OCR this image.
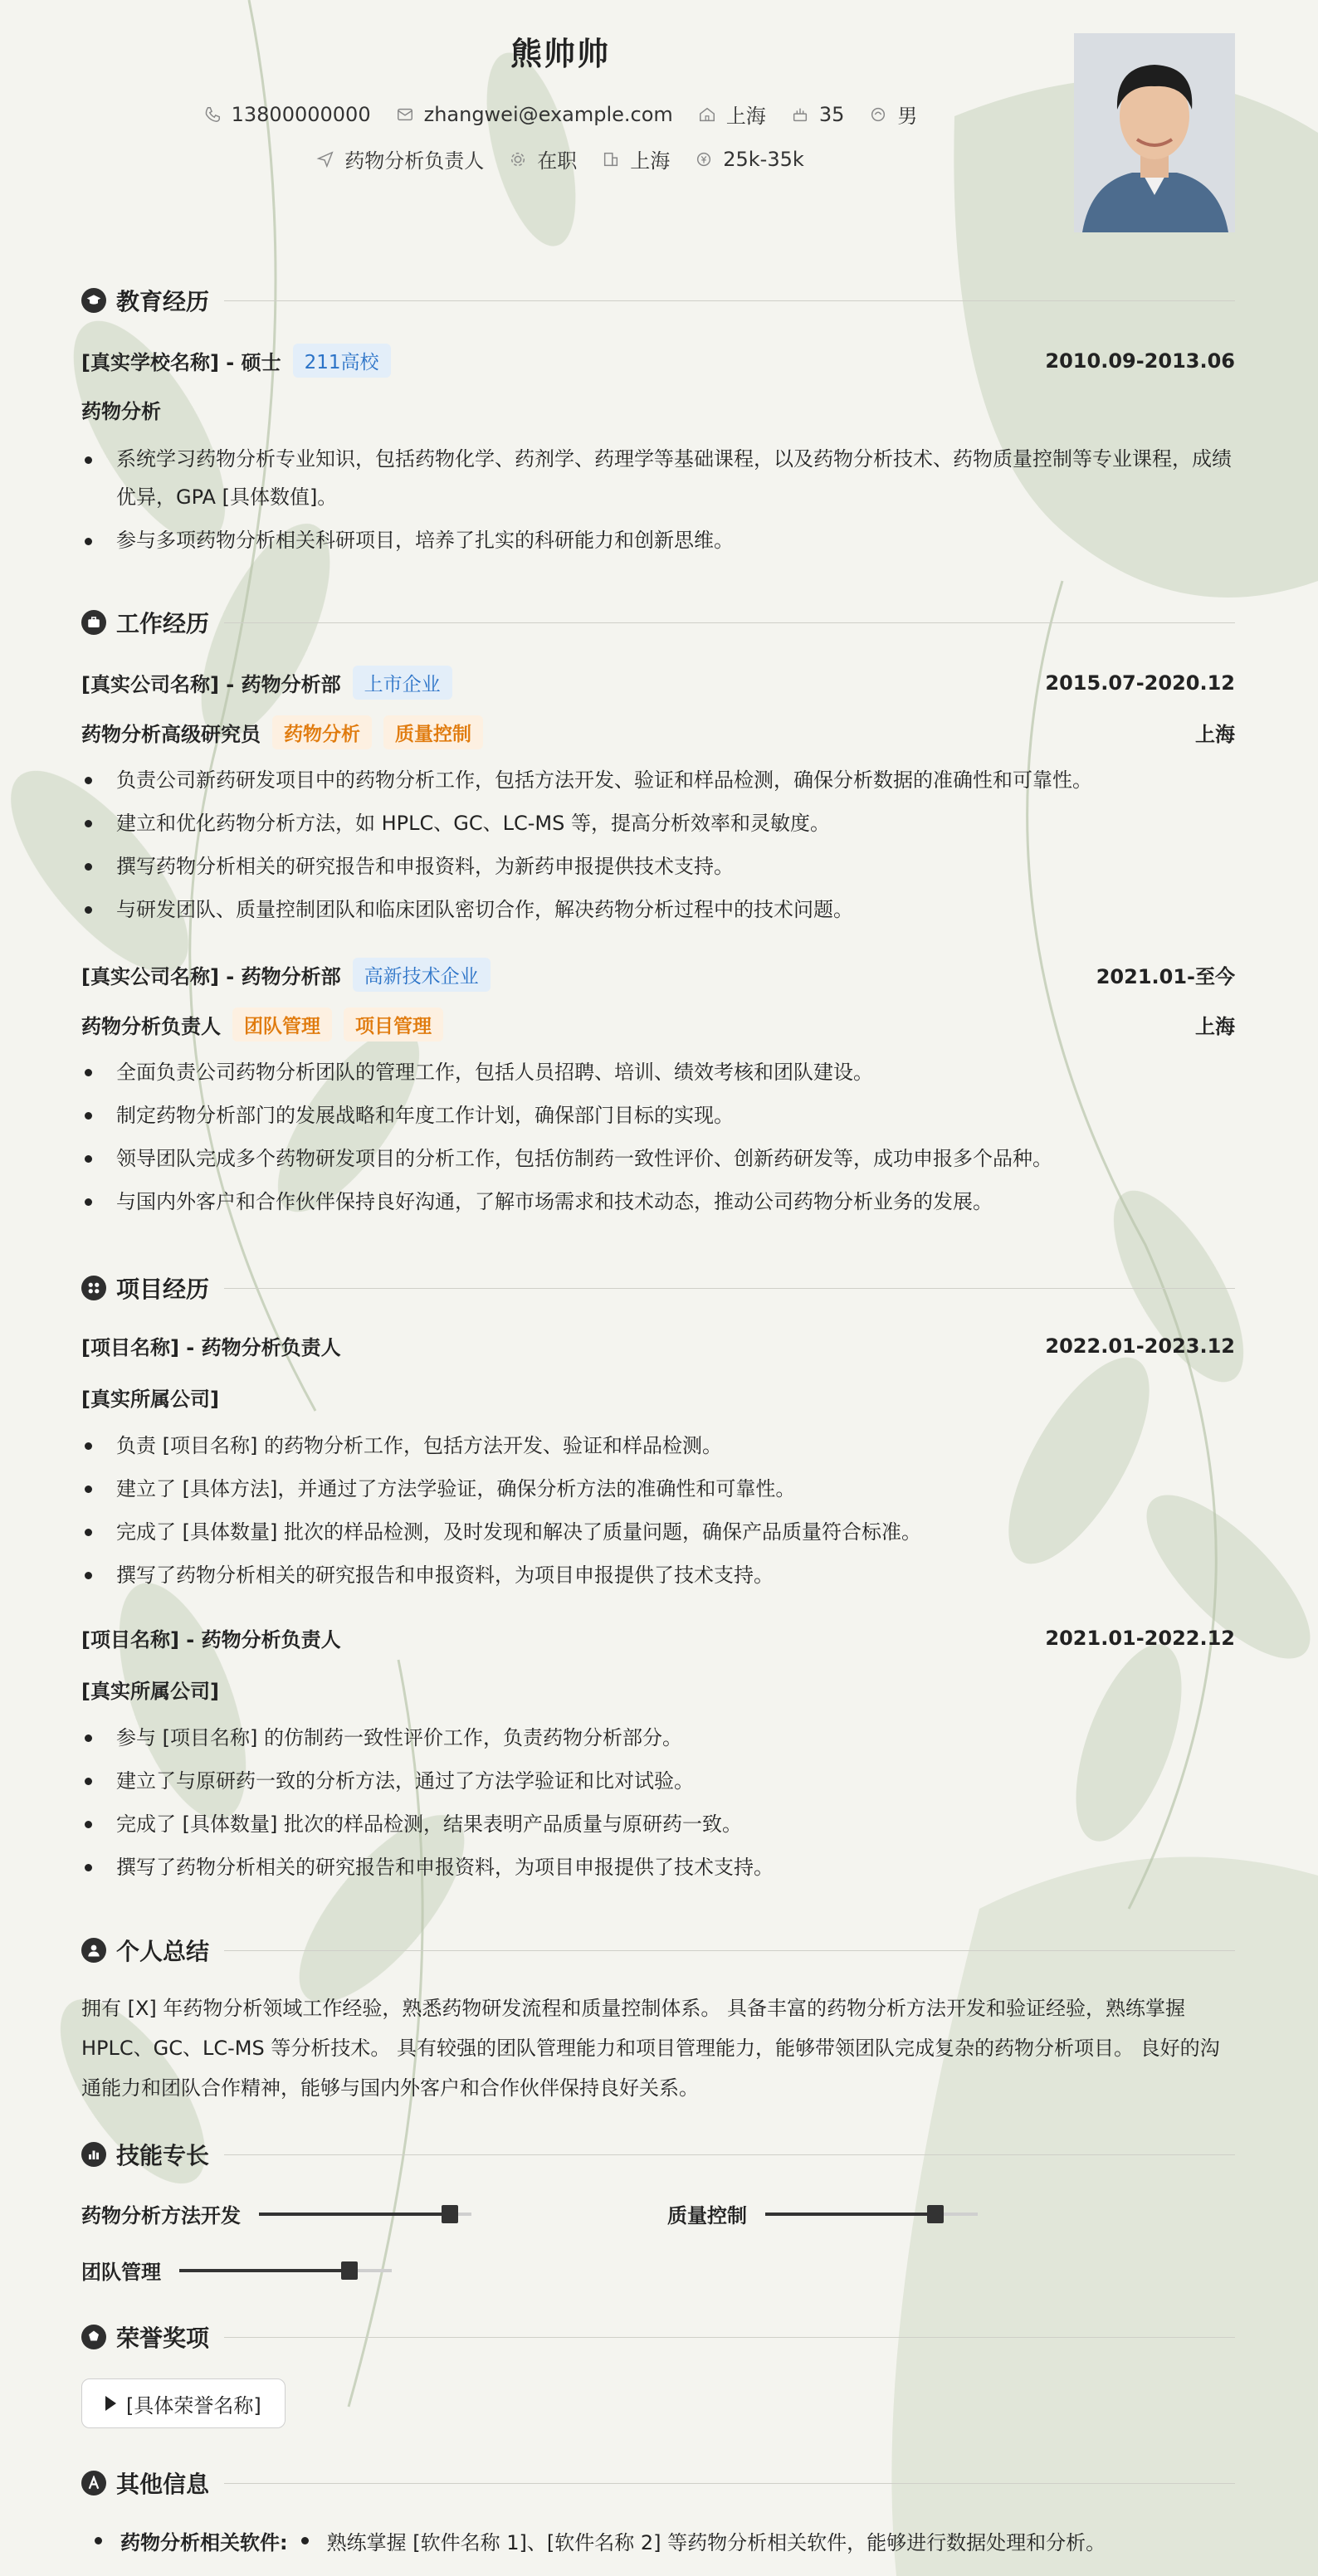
熊帅帅
13800000000	zhangwei@example.com	上海	35	男
药物分析负责人	在职	上海	25k-35k
教育经历
[真实学校名称] - 硕士	211高校	2010.09-2013.06
药物分析
系统学习药物分析专业知识，包括药物化学、药剂学、药理学等基础课程，以及药物分析技术、药物质量控制等专业课程，成绩优异，GPA [具体数值]。
参与多项药物分析相关科研项目，培养了扎实的科研能力和创新思维。
工作经历
[真实公司名称] - 药物分析部	上市企业	2015.07-2020.12
药物分析高级研究员	药物分析	质量控制	上海
负责公司新药研发项目中的药物分析工作，包括方法开发、验证和样品检测，确保分析数据的准确性和可靠性。
建立和优化药物分析方法，如 HPLC、GC、LC-MS 等，提高分析效率和灵敏度。
撰写药物分析相关的研究报告和申报资料，为新药申报提供技术支持。
与研发团队、质量控制团队和临床团队密切合作，解决药物分析过程中的技术问题。
[真实公司名称] - 药物分析部	高新技术企业	2021.01-至今
药物分析负责人	团队管理	项目管理	上海
全面负责公司药物分析团队的管理工作，包括人员招聘、培训、绩效考核和团队建设。
制定药物分析部门的发展战略和年度工作计划，确保部门目标的实现。
领导团队完成多个药物研发项目的分析工作，包括仿制药一致性评价、创新药研发等，成功申报多个品种。
与国内外客户和合作伙伴保持良好沟通，了解市场需求和技术动态，推动公司药物分析业务的发展。
项目经历
[项目名称] - 药物分析负责人	2022.01-2023.12
[真实所属公司]
负责 [项目名称] 的药物分析工作，包括方法开发、验证和样品检测。
建立了 [具体方法]，并通过了方法学验证，确保分析方法的准确性和可靠性。
完成了 [具体数量] 批次的样品检测，及时发现和解决了质量问题，确保产品质量符合标准。
撰写了药物分析相关的研究报告和申报资料，为项目申报提供了技术支持。
[项目名称] - 药物分析负责人	2021.01-2022.12
[真实所属公司]
参与 [项目名称] 的仿制药一致性评价工作，负责药物分析部分。
建立了与原研药一致的分析方法，通过了方法学验证和比对试验。
完成了 [具体数量] 批次的样品检测，结果表明产品质量与原研药一致。
撰写了药物分析相关的研究报告和申报资料，为项目申报提供了技术支持。
个人总结
拥有 [X] 年药物分析领域工作经验，熟悉药物研发流程和质量控制体系。 具备丰富的药物分析方法开发和验证经验，熟练掌握 HPLC、GC、LC-MS 等分析技术。 具有较强的团队管理能力和项目管理能力，能够带领团队完成复杂的药物分析项目。 良好的沟通能力和团队合作精神，能够与国内外客户和合作伙伴保持良好关系。
技能专长
药物分析方法开发	质量控制
团队管理
荣誉奖项
[具体荣誉名称]
其他信息
药物分析相关软件: 熟练掌握 [软件名称 1]、[软件名称 2] 等药物分析相关软件，能够进行数据处理和分析。
